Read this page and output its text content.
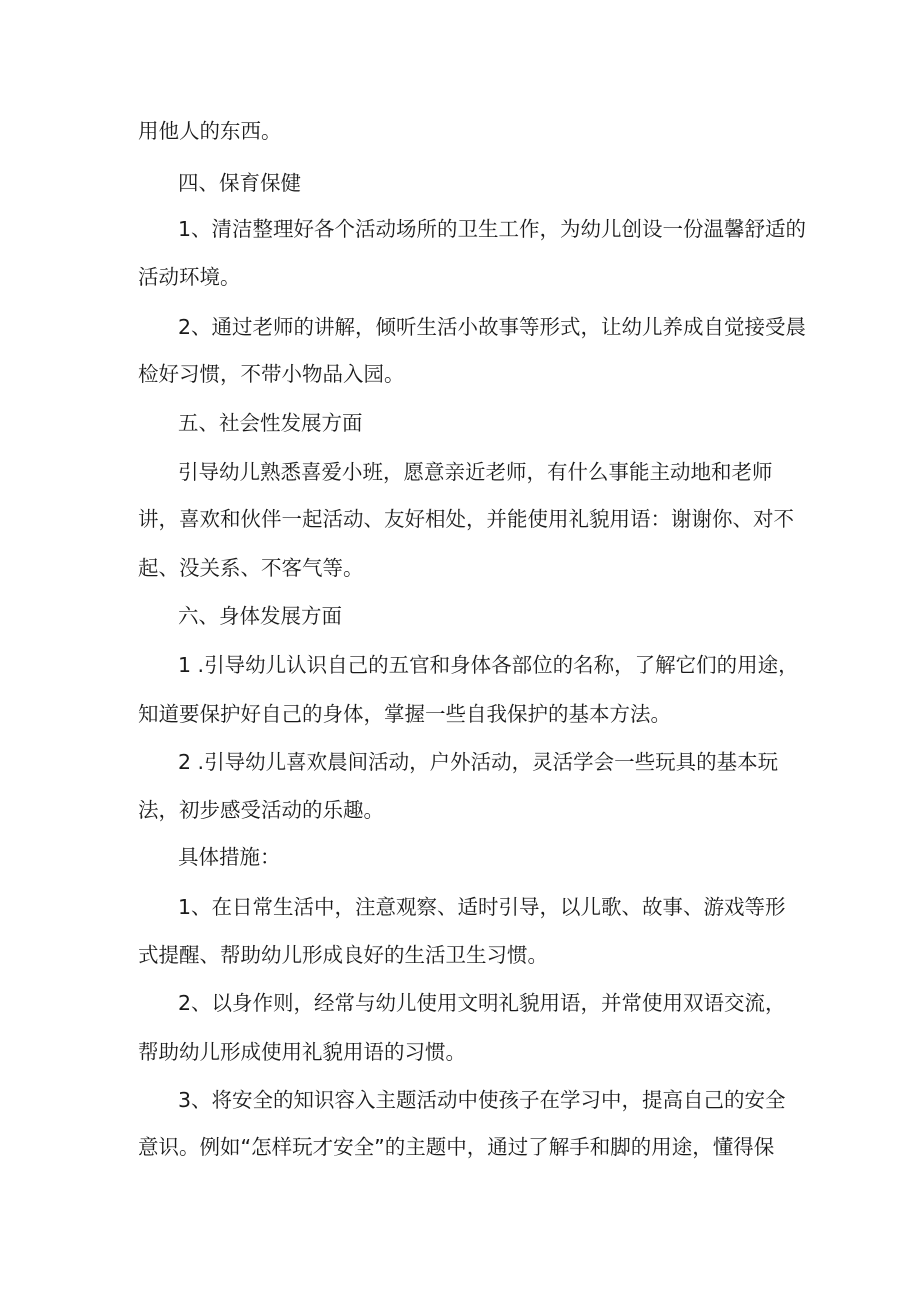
用他人的东西。

四、保育保健

1、清洁整理好各个活动场所的卫生工作，为幼儿创设一份温馨舒适的

活动环境。

2、通过老师的讲解，倾听生活小故事等形式，让幼儿养成自觉接受晨

检好习惯，不带小物品入园。

五、社会性发展方面

引导幼儿熟悉喜爱小班，愿意亲近老师，有什么事能主动地和老师

讲，喜欢和伙伴一起活动、友好相处，并能使用礼貌用语：谢谢你、对不

起、没关系、不客气等。

六、身体发展方面

1 .引导幼儿认识自己的五官和身体各部位的名称，了解它们的用途，

知道要保护好自己的身体，掌握一些自我保护的基本方法。

2 .引导幼儿喜欢晨间活动，户外活动，灵活学会一些玩具的基本玩

法，初步感受活动的乐趣。

具体措施：

1、在日常生活中，注意观察、适时引导，以儿歌、故事、游戏等形

式提醒、帮助幼儿形成良好的生活卫生习惯。

2、以身作则，经常与幼儿使用文明礼貌用语，并常使用双语交流，

帮助幼儿形成使用礼貌用语的习惯。

3、将安全的知识容入主题活动中使孩子在学习中，提高自己的安全

意识。例如“怎样玩才安全”的主题中，通过了解手和脚的用途，懂得保
